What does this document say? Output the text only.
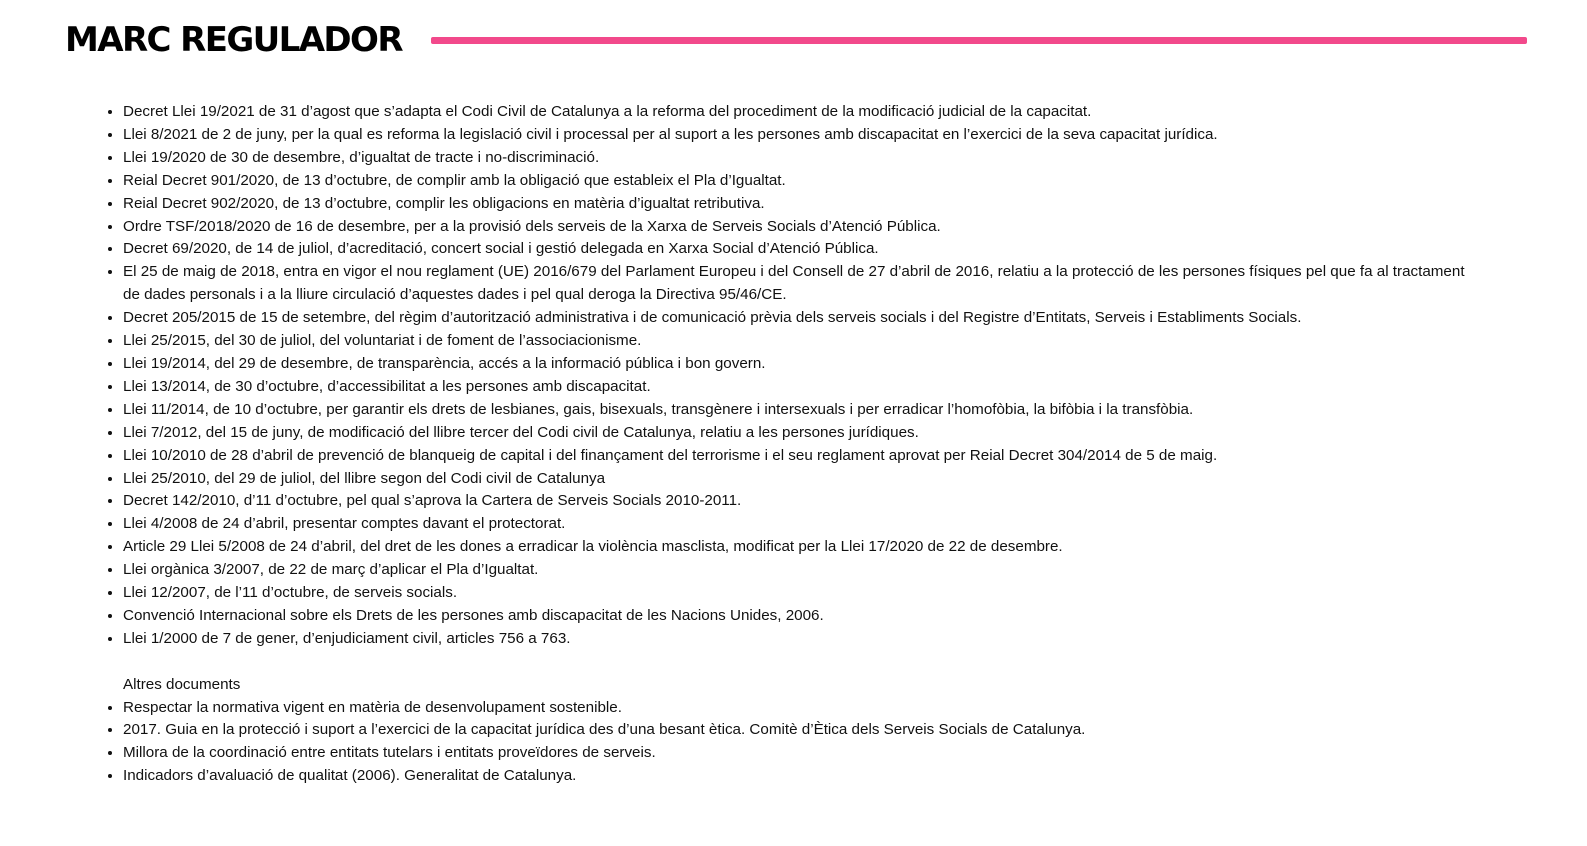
MARC REGULADOR
• Decret Llei 19/2021 de 31 d’agost que s’adapta el Codi Civil de Catalunya a la reforma del procediment de la modificació judicial de la capacitat.
• Llei 8/2021 de 2 de juny, per la qual es reforma la legislació civil i processal per al suport a les persones amb discapacitat en l’exercici de la seva capacitat jurídica.
• Llei 19/2020 de 30 de desembre, d’igualtat de tracte i no-discriminació.
• Reial Decret 901/2020, de 13 d’octubre, de complir amb la obligació que estableix el Pla d’Igualtat.
• Reial Decret 902/2020, de 13 d’octubre, complir les obligacions en matèria d’igualtat retributiva.
• Ordre TSF/2018/2020 de 16 de desembre, per a la provisió dels serveis de la Xarxa de Serveis Socials d’Atenció Pública.
• Decret 69/2020, de 14 de juliol, d’acreditació, concert social i gestió delegada en Xarxa Social d’Atenció Pública.
• El 25 de maig de 2018, entra en vigor el nou reglament (UE) 2016/679 del Parlament Europeu i del Consell de 27 d’abril de 2016, relatiu a la protecció de les persones físiques pel que fa al tractament de dades personals i a la lliure circulació d’aquestes dades i pel qual deroga la Directiva 95/46/CE.
• Decret 205/2015 de 15 de setembre, del règim d’autorització administrativa i de comunicació prèvia dels serveis socials i del Registre d’Entitats, Serveis i Establiments Socials.
• Llei 25/2015, del 30 de juliol, del voluntariat i de foment de l’associacionisme.
• Llei 19/2014, del 29 de desembre, de transparència, accés a la informació pública i bon govern.
• Llei 13/2014, de 30 d’octubre, d’accessibilitat a les persones amb discapacitat.
• Llei 11/2014, de 10 d’octubre, per garantir els drets de lesbianes, gais, bisexuals, transgènere i intersexuals i per erradicar l’homofòbia, la bifòbia i la transfòbia.
• Llei 7/2012, del 15 de juny, de modificació del llibre tercer del Codi civil de Catalunya, relatiu a les persones jurídiques.
• Llei 10/2010 de 28 d’abril de prevenció de blanqueig de capital i del finançament del terrorisme i el seu reglament aprovat per Reial Decret 304/2014 de 5 de maig.
• Llei 25/2010, del 29 de juliol, del llibre segon del Codi civil de Catalunya
• Decret 142/2010, d’11 d’octubre, pel qual s’aprova la Cartera de Serveis Socials 2010-2011.
• Llei 4/2008 de 24 d’abril, presentar comptes davant el protectorat.
• Article 29 Llei 5/2008 de 24 d’abril, del dret de les dones a erradicar la violència masclista, modificat per la Llei 17/2020 de 22 de desembre.
• Llei orgànica 3/2007, de 22 de març d’aplicar el Pla d’Igualtat.
• Llei 12/2007, de l’11 d’octubre, de serveis socials.
• Convenció Internacional sobre els Drets de les persones amb discapacitat de les Nacions Unides, 2006.
• Llei 1/2000 de 7 de gener, d’enjudiciament civil, articles 756 a 763.
Altres documents
• Respectar la normativa vigent en matèria de desenvolupament sostenible.
• 2017. Guia en la protecció i suport a l’exercici de la capacitat jurídica des d’una besant ètica. Comitè d’Ètica dels Serveis Socials de Catalunya.
• Millora de la coordinació entre entitats tutelars i entitats proveïdores de serveis.
• Indicadors d’avaluació de qualitat (2006). Generalitat de Catalunya.
